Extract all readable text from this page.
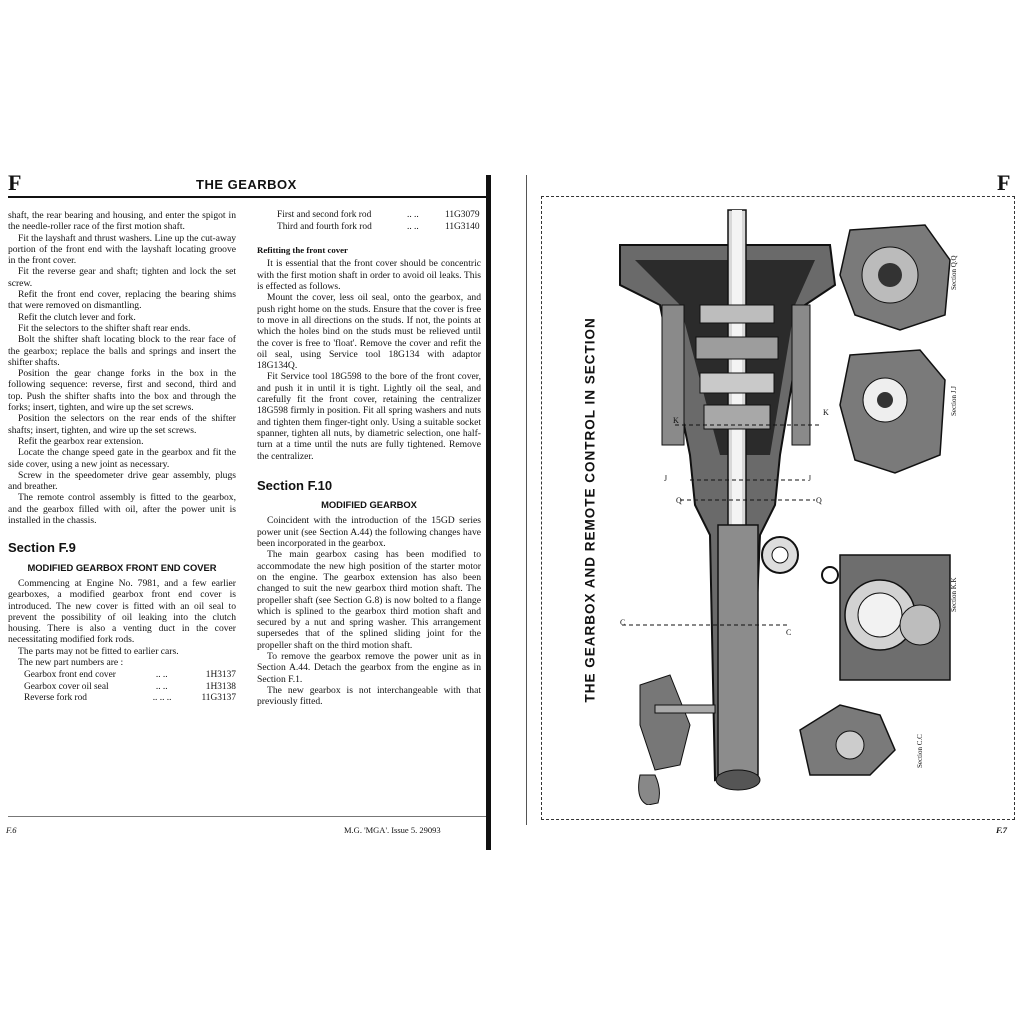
F	THE GEARBOX

shaft, the rear bearing and housing, and enter the spigot in the needle-roller race of the first motion shaft.

Fit the layshaft and thrust washers. Line up the cut-away portion of the front end with the layshaft locating groove in the front cover.

Fit the reverse gear and shaft; tighten and lock the set screw.

Refit the front end cover, replacing the bearing shims that were removed on dismantling.

Refit the clutch lever and fork.

Fit the selectors to the shifter shaft rear ends.

Bolt the shifter shaft locating block to the rear face of the gearbox; replace the balls and springs and insert the shifter shafts.

Position the gear change forks in the box in the following sequence: reverse, first and second, third and top. Push the shifter shafts into the box and through the forks; insert, tighten, and wire up the set screws.

Position the selectors on the rear ends of the shifter shafts; insert, tighten, and wire up the set screws.

Refit the gearbox rear extension.

Locate the change speed gate in the gearbox and fit the side cover, using a new joint as necessary.

Screw in the speedometer drive gear assembly, plugs and breather.

The remote control assembly is fitted to the gearbox, and the gearbox filled with oil, after the power unit is installed in the chassis.

Section F.9
MODIFIED GEARBOX FRONT END COVER

Commencing at Engine No. 7981, and a few earlier gearboxes, a modified gearbox front end cover is introduced. The new cover is fitted with an oil seal to prevent the possibility of oil leaking into the clutch housing. There is also a venting duct in the cover necessitating modified fork rods.

The parts may not be fitted to earlier cars.

The new part numbers are :

Gearbox front end cover	.. ..	1H3137
Gearbox cover oil seal	.. ..	1H3138
Reverse fork rod	.. .. ..	11G3137
First and second fork rod	.. ..	11G3079
Third and fourth fork rod	.. ..	11G3140
Refitting the front cover

It is essential that the front cover should be concentric with the first motion shaft in order to avoid oil leaks. This is effected as follows.

Mount the cover, less oil seal, onto the gearbox, and push right home on the studs. Ensure that the cover is free to move in all directions on the studs. If not, the points at which the holes bind on the studs must be relieved until the cover is free to 'float'. Remove the cover and refit the oil seal, using Service tool 18G134 with adaptor 18G134Q.

Fit Service tool 18G598 to the bore of the front cover, and push it in until it is tight. Lightly oil the seal, and carefully fit the front cover, retaining the centralizer 18G598 firmly in position. Fit all spring washers and nuts and tighten them finger-tight only. Using a suitable socket spanner, tighten all nuts, by diametric selection, one half-turn at a time until the nuts are fully tightened. Remove the centralizer.

Section F.10
MODIFIED GEARBOX

Coincident with the introduction of the 15GD series power unit (see Section A.44) the following changes have been incorporated in the gearbox.

The main gearbox casing has been modified to accommodate the new high position of the starter motor on the engine. The gearbox extension has also been changed to suit the new gearbox third motion shaft. The propeller shaft (see Section G.8) is now bolted to a flange which is splined to the gearbox third motion shaft and secured by a nut and spring washer. This arrangement supersedes that of the splined sliding joint for the propeller shaft on the third motion shaft.

To remove the gearbox remove the power unit as in Section A.44. Detach the gearbox from the engine as in Section F.1.

The new gearbox is not interchangeable with that previously fitted.

F.6	M.G. 'MGA'. Issue 5. 29093
F
THE GEARBOX AND REMOTE CONTROL IN SECTION
Section Q.Q
Section J.J
Section K.K
Section C.C
K
K
J	J
Q	Q
C
C
F.7
